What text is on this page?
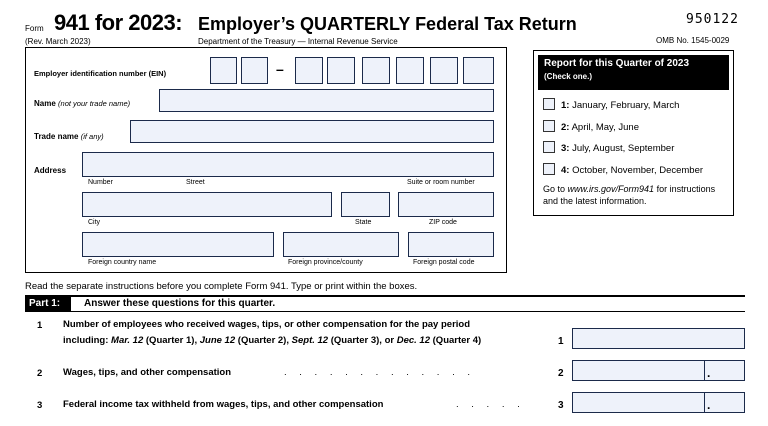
Form 941 for 2023: Employer’s QUARTERLY Federal Tax Return
(Rev. March 2023)	Department of the Treasury — Internal Revenue Service
950122
OMB No. 1545-0029
Employer identification number (EIN)	–
Name (not your trade name)
Trade name (if any)
Address
Number	Street	Suite or room number
City	State	ZIP code
Foreign country name	Foreign province/county	Foreign postal code
Report for this Quarter of 2023
(Check one.)
1: January, February, March
2: April, May, June
3: July, August, September
4: October, November, December
Go to www.irs.gov/Form941 for instructions and the latest information.
Read the separate instructions before you complete Form 941. Type or print within the boxes.
Part 1:	Answer these questions for this quarter.
1 Number of employees who received wages, tips, or other compensation for the pay period
including: Mar. 12 (Quarter 1), June 12 (Quarter 2), Sept. 12 (Quarter 3), or Dec. 12 (Quarter 4)	1
2 Wages, tips, and other compensation	. . . . . . . . . . . . .	2	.
3 Federal income tax withheld from wages, tips, and other compensation	. . . . .	3	.
